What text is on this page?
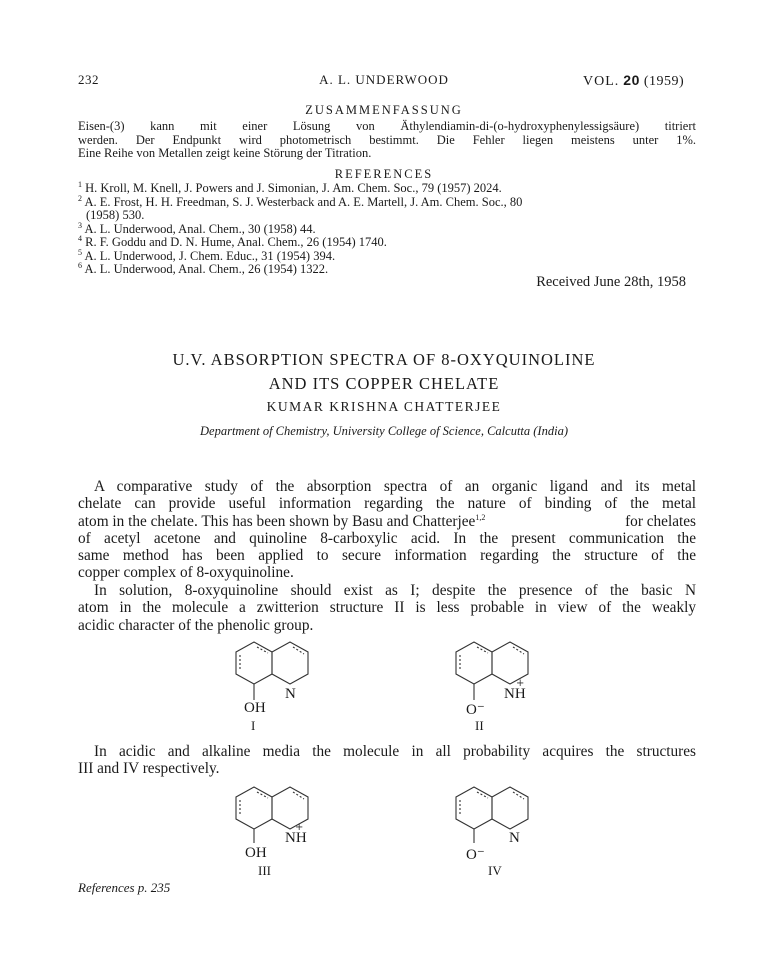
232	A. L. UNDERWOOD	VOL. 20 (1959)
ZUSAMMENFASSUNG
Eisen-(3) kann mit einer Lösung von Äthylendiamin-di-(o-hydroxyphenylessigsäure) titriert
werden. Der Endpunkt wird photometrisch bestimmt. Die Fehler liegen meistens unter 1%.
Eine Reihe von Metallen zeigt keine Störung der Titration.
REFERENCES
$^1$ H. Kroll, M. Knell, J. Powers and J. Simonian, J. Am. Chem. Soc., 79 (1957) 2024.
$^2$ A. E. Frost, H. H. Freedman, S. J. Westerback and A. E. Martell, J. Am. Chem. Soc., 80
(1958) 530.
$^3$ A. L. Underwood, Anal. Chem., 30 (1958) 44.
$^4$ R. F. Goddu and D. N. Hume, Anal. Chem., 26 (1954) 1740.
$^5$ A. L. Underwood, J. Chem. Educ., 31 (1954) 394.
$^6$ A. L. Underwood, Anal. Chem., 26 (1954) 1322.
Received June 28th, 1958
U.V. ABSORPTION SPECTRA OF 8-OXYQUINOLINE
AND ITS COPPER CHELATE
KUMAR KRISHNA CHATTERJEE
Department of Chemistry, University College of Science, Calcutta (India)
A comparative study of the absorption spectra of an organic ligand and its metal
chelate can provide useful information regarding the nature of binding of the metal
atom in the chelate. This has been shown by Basu and Chatterjee$^{1,2}$	for chelates
of acetyl acetone and quinoline 8-carboxylic acid. In the present communication the
same method has been applied to secure information regarding the structure of the
copper complex of 8-oxyquinoline.
In solution, 8-oxyquinoline should exist as I; despite the presence of the basic N
atom in the molecule a zwitterion structure II is less probable in view of the weakly
acidic character of the phenolic group.
N
OH
I
+
NH
O⁻
II
In acidic and alkaline media the molecule in all probability acquires the structures
III and IV respectively.
+
NH
OH
III
N
O⁻
IV
References p. 235
